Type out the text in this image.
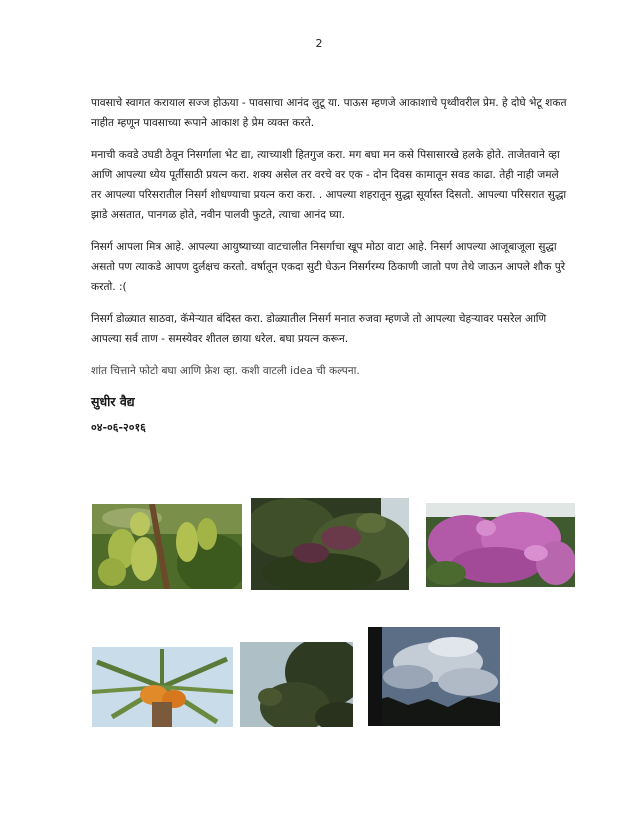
2

पावसाचे स्वागत करायाल सज्ज होऊया - पावसाचा आनंद लुटू या. पाऊस म्हणजे आकाशाचे पृथ्वीवरील प्रेम. हे दोघे भेटू शकत नाहीत म्हणून पावसाच्या रूपाने आकाश हे प्रेम व्यक्त करते.

मनाची कवडे उघडी ठेवून निसर्गाला भेट द्या, त्याच्याशी हितगुज करा. मग बघा मन कसे पिसासारखे हलके होते. ताजेतवाने व्हा आणि आपल्या ध्येय पूर्तीसाठी प्रयत्न करा. शक्य असेल तर वरचे वर एक - दोन दिवस कामातून सवड काढा. तेही नाही जमले तर आपल्या परिसरातील निसर्ग शोधण्याचा प्रयत्न करा करा. . आपल्या शहरातून सुद्धा सूर्यास्त दिसतो. आपल्या परिसरात सुद्धा झाडे असतात, पानगळ होते, नवीन पालवी फुटते, त्याचा आनंद घ्या.

निसर्ग आपला मित्र आहे. आपल्या आयुष्याच्या वाटचालीत निसर्गाचा खूप मोठा वाटा आहे. निसर्ग आपल्या आजूबाजूला सुद्धा असतो पण त्याकडे आपण दुर्लक्षच करतो. वर्षातून एकदा सुटी घेऊन निसर्गरम्य ठिकाणी जातो पण तेथे जाऊन आपले शौक पुरे करतो. :(

निसर्ग डोळ्यात साठवा, कॅमेऱ्यात बंदिस्त करा. डोळ्यातील निसर्ग मनात रुजवा म्हणजे तो आपल्या चेहऱ्यावर पसरेल आणि आपल्या सर्व ताण - समस्येवर शीतल छाया धरेल. बघा प्रयत्न करून.

शांत चित्ताने फोटो बघा आणि फ्रेश व्हा. कशी वाटली idea ची कल्पना.

सुधीर वैद्य
०४-०६-२०१६
